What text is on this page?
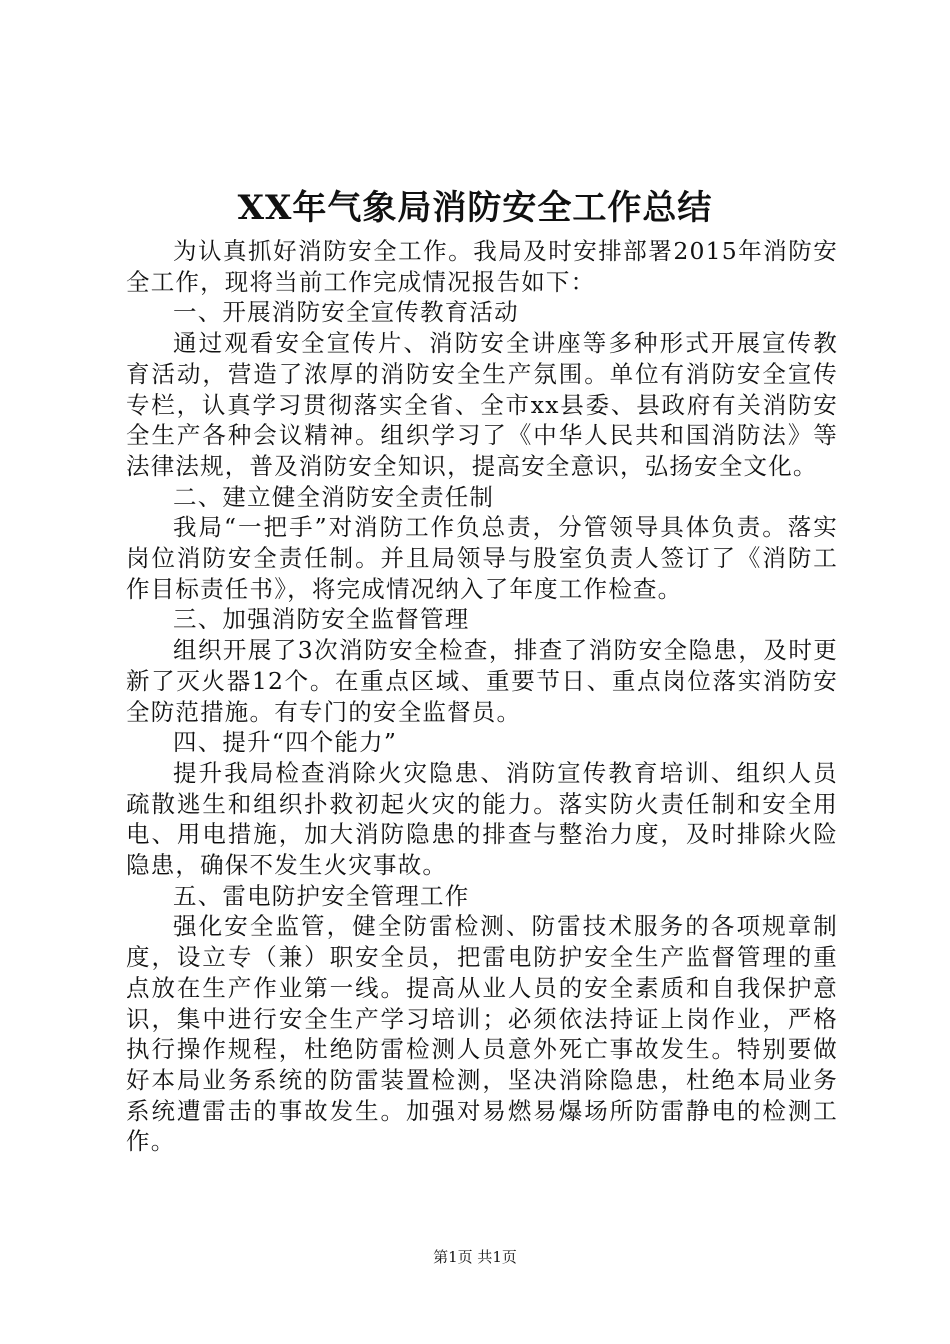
XX年气象局消防安全工作总结

为认真抓好消防安全工作。我局及时安排部署2015年消防安全工作，现将当前工作完成情况报告如下：

一、开展消防安全宣传教育活动

通过观看安全宣传片、消防安全讲座等多种形式开展宣传教育活动，营造了浓厚的消防安全生产氛围。单位有消防安全宣传专栏，认真学习贯彻落实全省、全市xx县委、县政府有关消防安全生产各种会议精神。组织学习了《中华人民共和国消防法》等法律法规，普及消防安全知识，提高安全意识，弘扬安全文化。

二、建立健全消防安全责任制

我局“一把手”对消防工作负总责，分管领导具体负责。落实岗位消防安全责任制。并且局领导与股室负责人签订了《消防工作目标责任书》，将完成情况纳入了年度工作检查。

三、加强消防安全监督管理

组织开展了3次消防安全检查，排查了消防安全隐患，及时更新了灭火器12个。在重点区域、重要节日、重点岗位落实消防安全防范措施。有专门的安全监督员。

四、提升“四个能力”

提升我局检查消除火灾隐患、消防宣传教育培训、组织人员疏散逃生和组织扑救初起火灾的能力。落实防火责任制和安全用电、用电措施，加大消防隐患的排查与整治力度，及时排除火险隐患，确保不发生火灾事故。

五、雷电防护安全管理工作

强化安全监管，健全防雷检测、防雷技术服务的各项规章制度，设立专（兼）职安全员，把雷电防护安全生产监督管理的重点放在生产作业第一线。提高从业人员的安全素质和自我保护意识，集中进行安全生产学习培训；必须依法持证上岗作业，严格执行操作规程，杜绝防雷检测人员意外死亡事故发生。特别要做好本局业务系统的防雷装置检测，坚决消除隐患，杜绝本局业务系统遭雷击的事故发生。加强对易燃易爆场所防雷静电的检测工作。

第1页 共1页
